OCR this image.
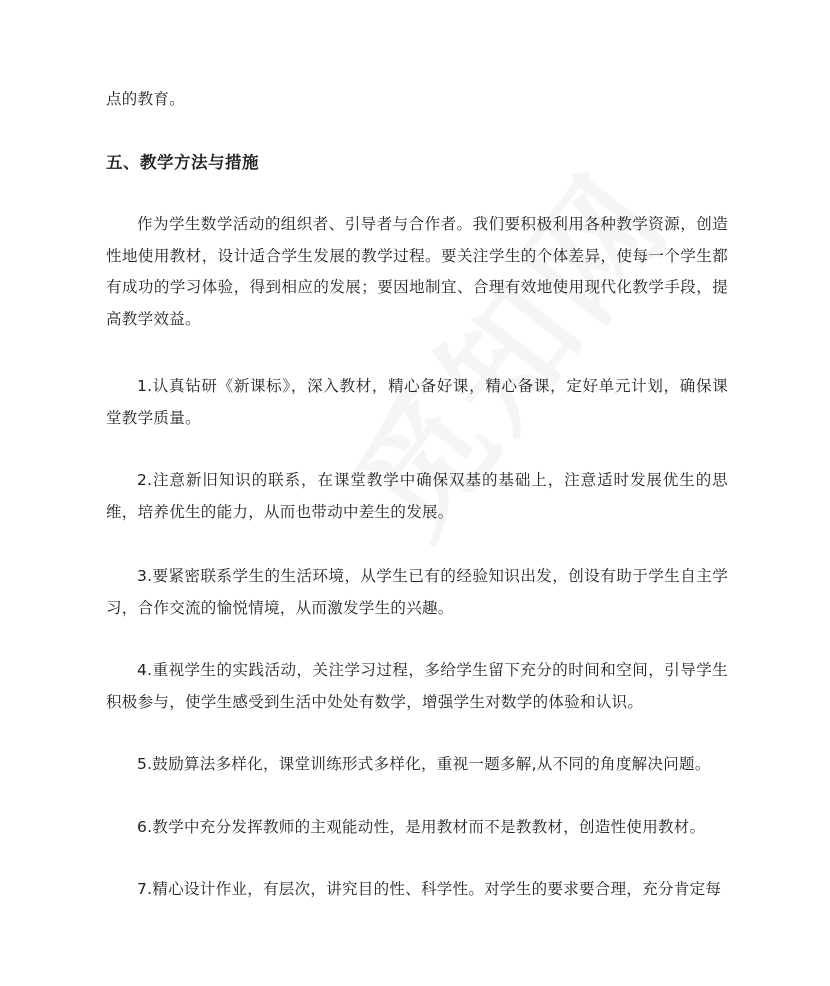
点的教育。

五、教学方法与措施

作为学生数学活动的组织者、引导者与合作者。我们要积极利用各种教学资源，创造性地使用教材，设计适合学生发展的教学过程。要关注学生的个体差异，使每一个学生都有成功的学习体验，得到相应的发展；要因地制宜、合理有效地使用现代化教学手段，提高教学效益。

1.认真钻研《新课标》，深入教材，精心备好课，精心备课，定好单元计划，确保课堂教学质量。

2.注意新旧知识的联系，在课堂教学中确保双基的基础上，注意适时发展优生的思维，培养优生的能力，从而也带动中差生的发展。

3.要紧密联系学生的生活环境，从学生已有的经验知识出发，创设有助于学生自主学习，合作交流的愉悦情境，从而激发学生的兴趣。

4.重视学生的实践活动，关注学习过程，多给学生留下充分的时间和空间，引导学生积极参与，使学生感受到生活中处处有数学，增强学生对数学的体验和认识。

5.鼓励算法多样化，课堂训练形式多样化，重视一题多解,从不同的角度解决问题。

6.教学中充分发挥教师的主观能动性，是用教材而不是教教材，创造性使用教材。

7.精心设计作业，有层次，讲究目的性、科学性。对学生的要求要合理，充分肯定每
